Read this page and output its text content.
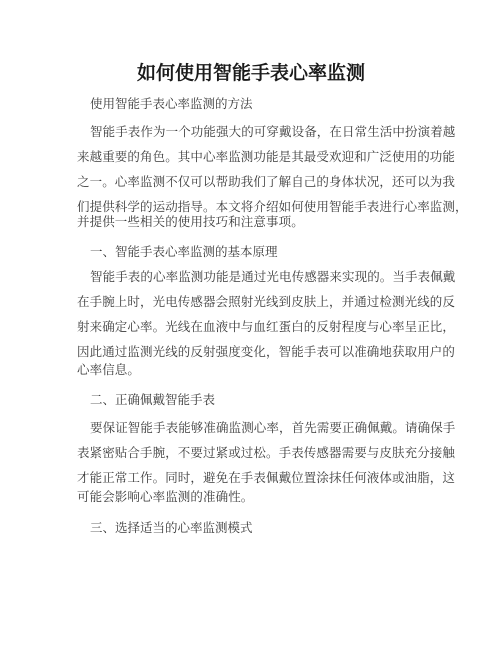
如何使用智能手表心率监测
使用智能手表心率监测的方法
智能手表作为一个功能强大的可穿戴设备，在日常生活中扮演着越
来越重要的角色。其中心率监测功能是其最受欢迎和广泛使用的功能
之一。心率监测不仅可以帮助我们了解自己的身体状况，还可以为我
们提供科学的运动指导。本文将介绍如何使用智能手表进行心率监测，
并提供一些相关的使用技巧和注意事项。
一、智能手表心率监测的基本原理
智能手表的心率监测功能是通过光电传感器来实现的。当手表佩戴
在手腕上时，光电传感器会照射光线到皮肤上，并通过检测光线的反
射来确定心率。光线在血液中与血红蛋白的反射程度与心率呈正比，
因此通过监测光线的反射强度变化，智能手表可以准确地获取用户的
心率信息。
二、正确佩戴智能手表
要保证智能手表能够准确监测心率，首先需要正确佩戴。请确保手
表紧密贴合手腕，不要过紧或过松。手表传感器需要与皮肤充分接触
才能正常工作。同时，避免在手表佩戴位置涂抹任何液体或油脂，这
可能会影响心率监测的准确性。
三、选择适当的心率监测模式
